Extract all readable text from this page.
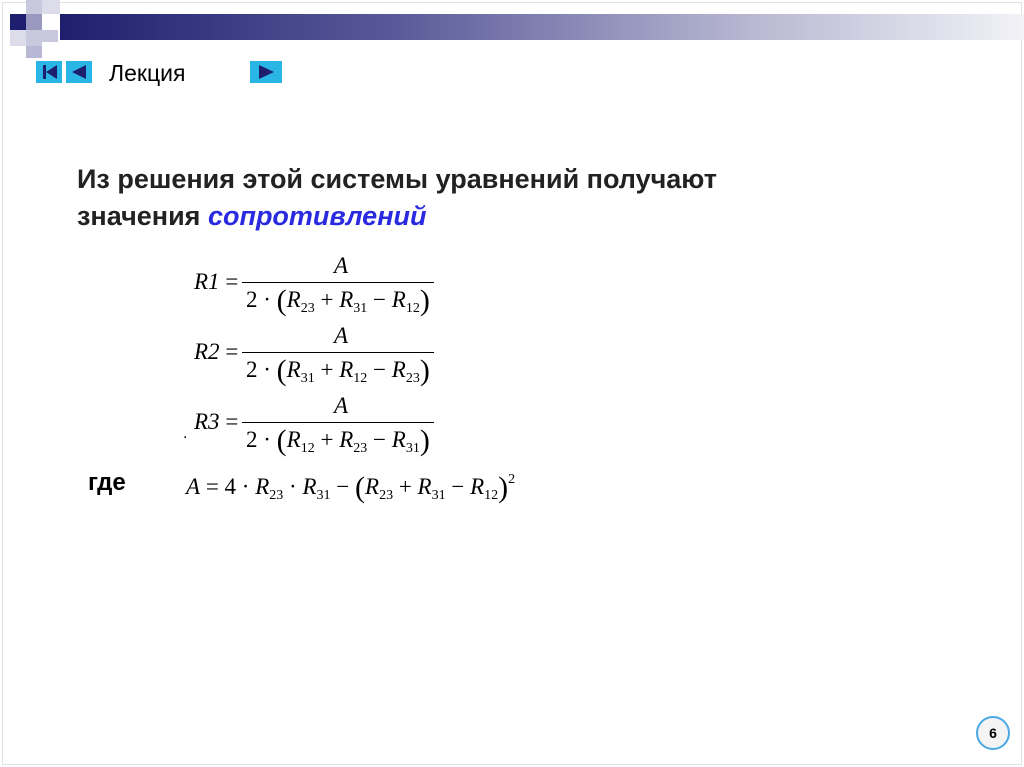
Лекция
Из решения этой системы уравнений получают
значения сопротивлений
R1 =
A
$2 \cdot (R_{23} + R_{31} - R_{12})$
R2 =
A
$2 \cdot (R_{31} + R_{12} - R_{23})$
R3 =
A
$2 \cdot (R_{12} + R_{23} - R_{31})$
.
где	$A = 4 \cdot R_{23} \cdot R_{31} - (R_{23} + R_{31} - R_{12})^2$
6
